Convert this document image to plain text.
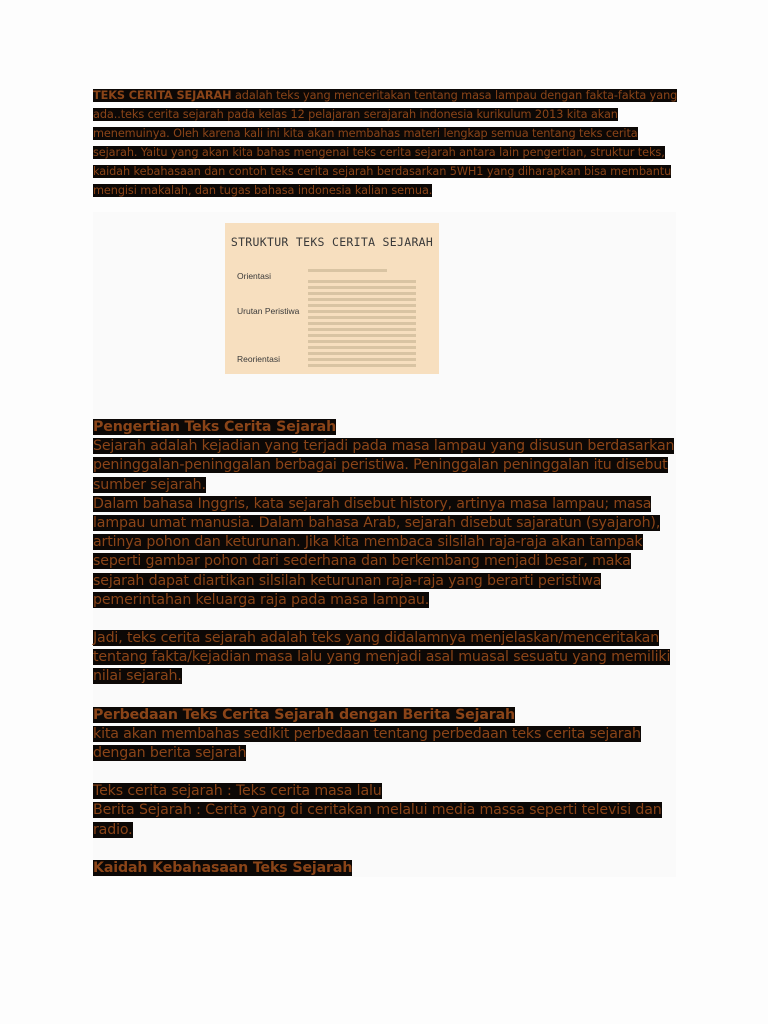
TEKS CERITA SEJARAH adalah teks yang menceritakan tentang masa lampau dengan fakta-fakta yang ada..teks cerita sejarah pada kelas 12 pelajaran serajarah indonesia kurikulum 2013 kita akan menemuinya. Oleh karena kali ini kita akan membahas materi lengkap semua tentang teks cerita sejarah. Yaitu yang akan kita bahas mengenai teks cerita sejarah antara lain pengertian, struktur teks, kaidah kebahasaan dan contoh teks cerita sejarah berdasarkan 5WH1 yang diharapkan bisa membantu mengisi makalah, dan tugas bahasa indonesia kalian semua.
STRUKTUR TEKS CERITA SEJARAH
Orientasi
Urutan Peristiwa
Reorientasi

Pengertian Teks Cerita Sejarah

Sejarah adalah kejadian yang terjadi pada masa lampau yang disusun berdasarkan peninggalan-peninggalan berbagai peristiwa. Peninggalan peninggalan itu disebut sumber sejarah.

Dalam bahasa Inggris, kata sejarah disebut history, artinya masa lampau; masa lampau umat manusia. Dalam bahasa Arab, sejarah disebut sajaratun (syajaroh), artinya pohon dan keturunan. Jika kita membaca silsilah raja-raja akan tampak seperti gambar pohon dari sederhana dan berkembang menjadi besar, maka sejarah dapat diartikan silsilah keturunan raja-raja yang berarti peristiwa pemerintahan keluarga raja pada masa lampau.

Jadi, teks cerita sejarah adalah teks yang didalamnya menjelaskan/menceritakan tentang fakta/kejadian masa lalu yang menjadi asal muasal sesuatu yang memiliki nilai sejarah.

Perbedaan Teks Cerita Sejarah dengan Berita Sejarah

kita akan membahas sedikit perbedaan tentang perbedaan teks cerita sejarah dengan berita sejarah

Teks cerita sejarah : Teks cerita masa lalu

Berita Sejarah : Cerita yang di ceritakan melalui media massa seperti televisi dan radio.

Kaidah Kebahasaan Teks Sejarah
